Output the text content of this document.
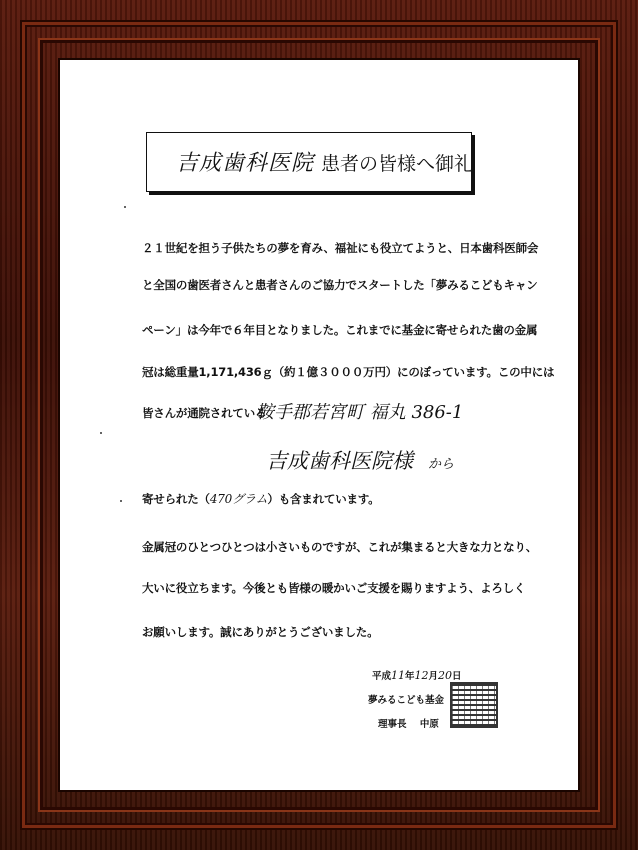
吉成歯科医院 患者の皆様へ御礼
２１世紀を担う子供たちの夢を育み、福祉にも役立てようと、日本歯科医師会
と全国の歯医者さんと患者さんのご協力でスタートした「夢みるこどもキャン
ペーン」は今年で６年目となりました。これまでに基金に寄せられた歯の金属
冠は総重量1,171,436ｇ（約１億３０００万円）にのぼっています。この中には
皆さんが通院されている
鞍手郡若宮町 福丸 386-1
吉成歯科医院様 から
寄せられた（470グラム）も含まれています。
金属冠のひとつひとつは小さいものですが、これが集まると大きな力となり、
大いに役立ちます。今後とも皆様の暖かいご支援を賜りますよう、よろしく
お願いします。誠にありがとうございました。
平成11年12月20日
夢みるこども基金
理事長 中原
